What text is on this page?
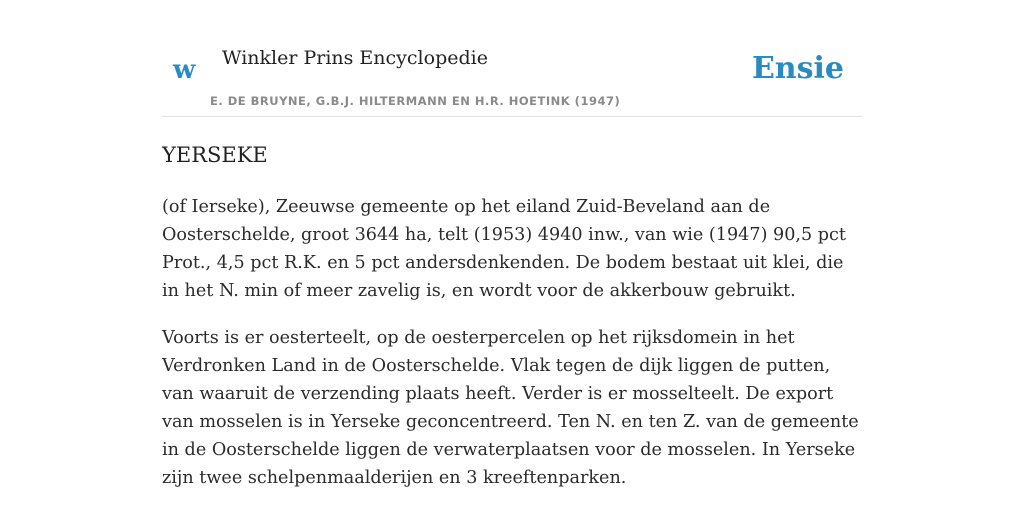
w Winkler Prins Encyclopedie
E. DE BRUYNE, G.B.J. HILTERMANN EN H.R. HOETINK (1947)
Ensie
YERSEKE

(of Ierseke), Zeeuwse gemeente op het eiland Zuid-Beveland aan de Oosterschelde, groot 3644 ha, telt (1953) 4940 inw., van wie (1947) 90,5 pct Prot., 4,5 pct R.K. en 5 pct andersdenkenden. De bodem bestaat uit klei, die in het N. min of meer zavelig is, en wordt voor de akkerbouw gebruikt.

Voorts is er oesterteelt, op de oesterpercelen op het rijksdomein in het Verdronken Land in de Oosterschelde. Vlak tegen de dijk liggen de putten, van waaruit de verzending plaats heeft. Verder is er mosselteelt. De export van mosselen is in Yerseke geconcentreerd. Ten N. en ten Z. van de gemeente in de Oosterschelde liggen de verwaterplaatsen voor de mosselen. In Yerseke zijn twee schelpenmaalderijen en 3 kreeftenparken.
